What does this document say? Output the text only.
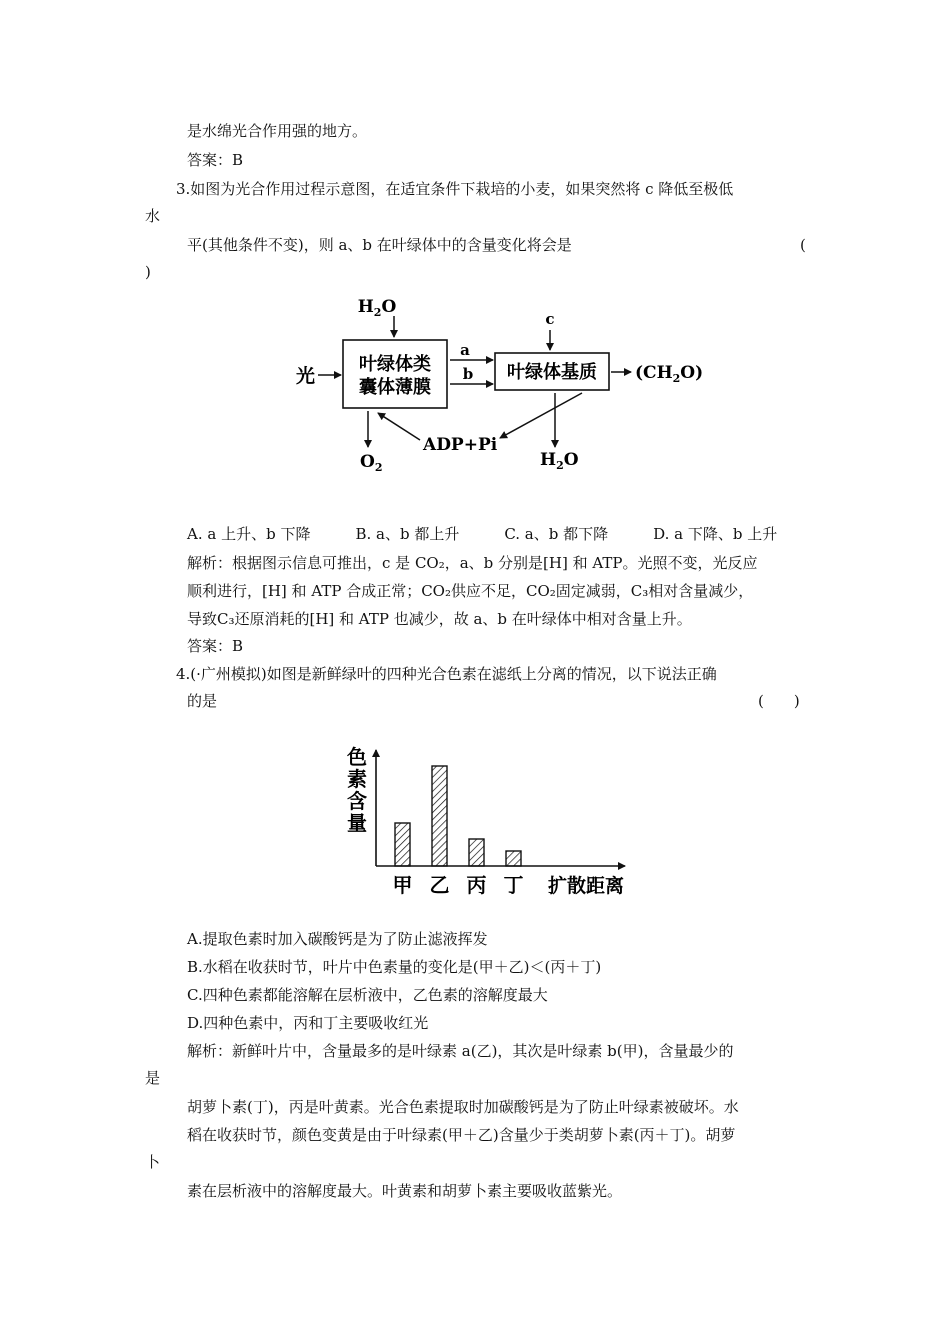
是水绵光合作用强的地方。
答案：B
3.如图为光合作用过程示意图，在适宜条件下栽培的小麦，如果突然将 c 降低至极低
水
平(其他条件不变)，则 a、b 在叶绿体中的含量变化将会是	(
)
$H_2O$
光
叶绿体类
囊体薄膜
a
b
c
叶绿体基质 $(CH_2O)$
$O_2$
ADP+Pi
$H_2O$
A. a 上升、b 下降　　　B. a、b 都上升　　　C. a、b 都下降　　　D. a 下降、b 上升
解析：根据图示信息可推出，c 是 CO₂，a、b 分别是[H] 和 ATP。光照不变，光反应
顺利进行，[H] 和 ATP 合成正常；CO₂供应不足，CO₂固定减弱，C₃相对含量减少，
导致C₃还原消耗的[H] 和 ATP 也减少，故 a、b 在叶绿体中相对含量上升。
答案：B
4.(·广州模拟)如图是新鲜绿叶的四种光合色素在滤纸上分离的情况，以下说法正确
的是	(　　)
色
素
含
量
甲 乙 丙 丁 扩散距离
A.提取色素时加入碳酸钙是为了防止滤液挥发
B.水稻在收获时节，叶片中色素量的变化是(甲＋乙)＜(丙＋丁)
C.四种色素都能溶解在层析液中，乙色素的溶解度最大
D.四种色素中，丙和丁主要吸收红光
解析：新鲜叶片中，含量最多的是叶绿素 a(乙)，其次是叶绿素 b(甲)，含量最少的
是
胡萝卜素(丁)，丙是叶黄素。光合色素提取时加碳酸钙是为了防止叶绿素被破坏。水
稻在收获时节，颜色变黄是由于叶绿素(甲＋乙)含量少于类胡萝卜素(丙＋丁)。胡萝
卜
素在层析液中的溶解度最大。叶黄素和胡萝卜素主要吸收蓝紫光。
